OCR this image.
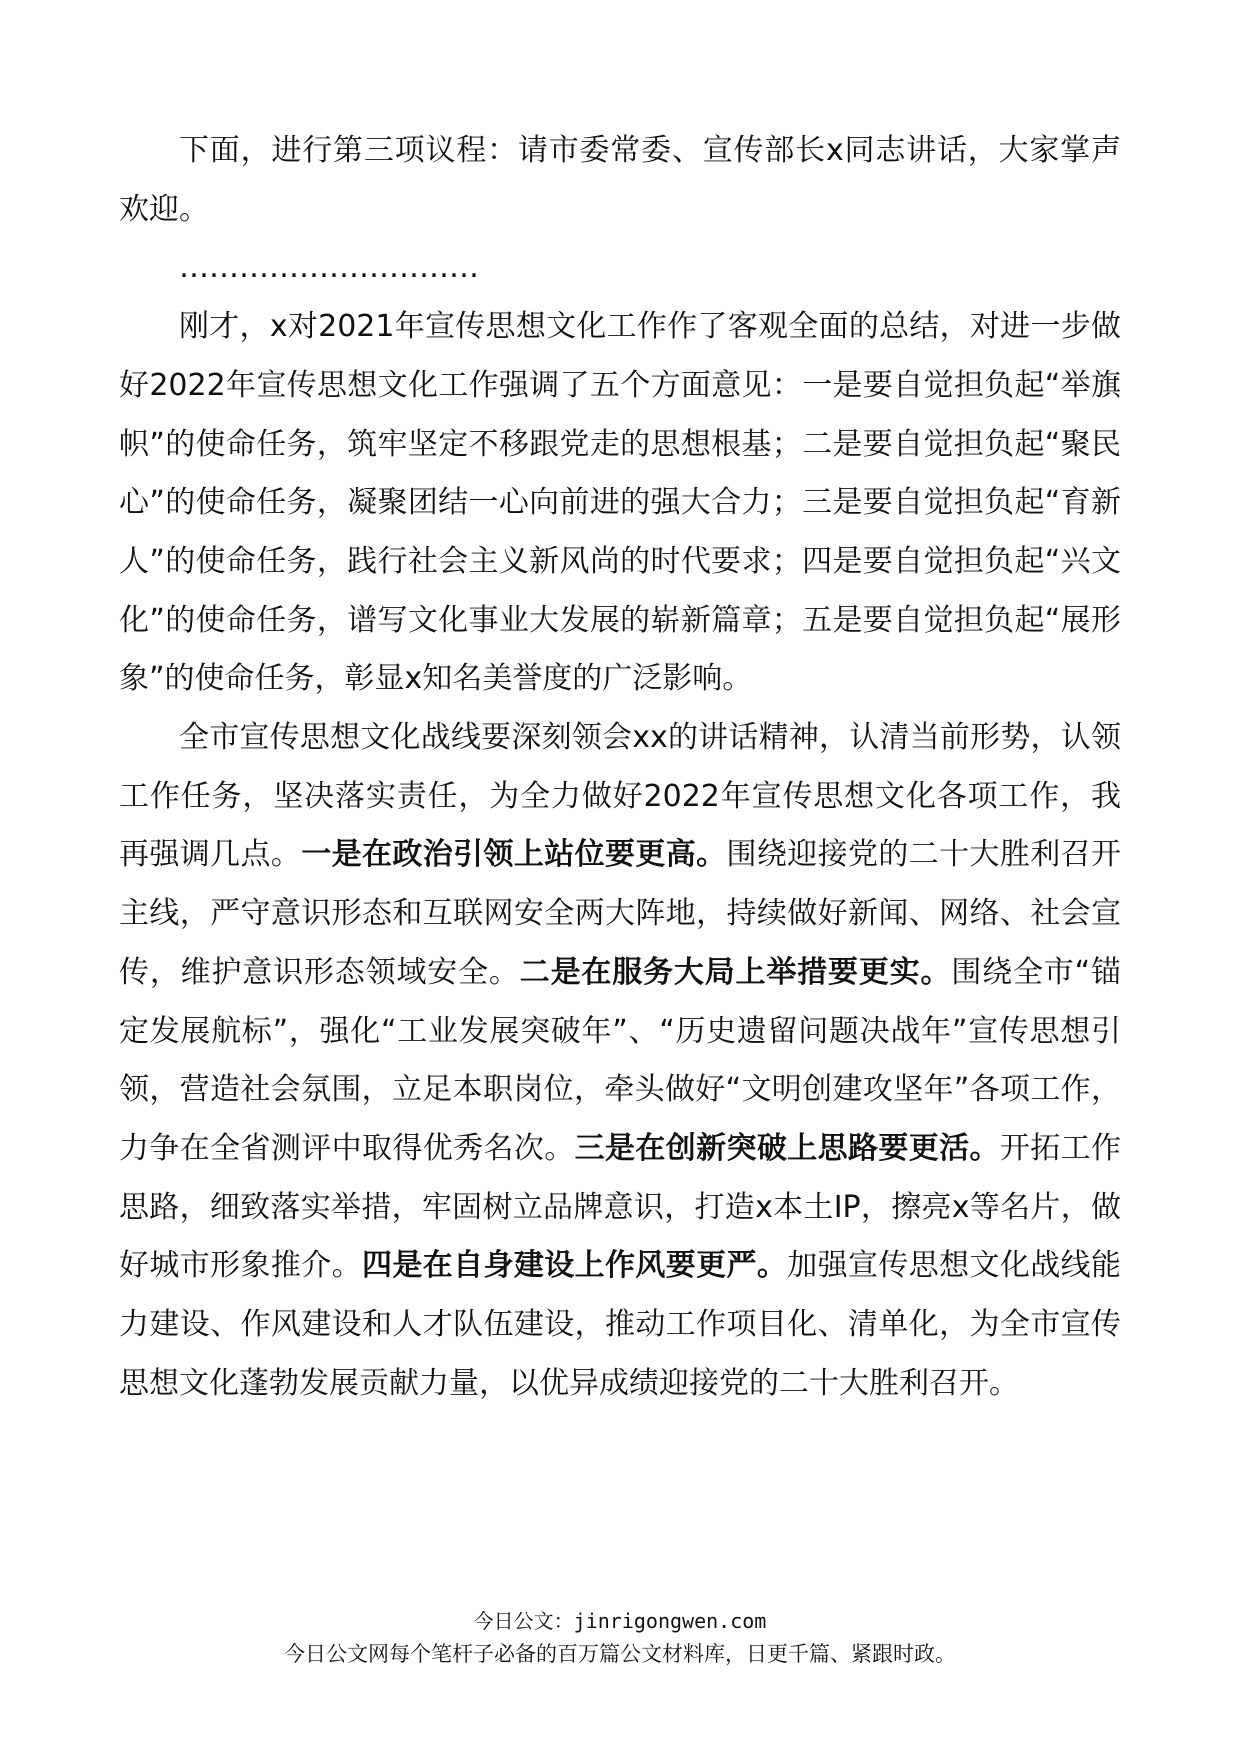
下面，进行第三项议程：请市委常委、宣传部长x同志讲话，大家掌声欢迎。

…………………………

刚才，x对2021年宣传思想文化工作作了客观全面的总结，对进一步做好2022年宣传思想文化工作强调了五个方面意见：一是要自觉担负起“举旗帜”的使命任务，筑牢坚定不移跟党走的思想根基；二是要自觉担负起“聚民心”的使命任务，凝聚团结一心向前进的强大合力；三是要自觉担负起“育新人”的使命任务，践行社会主义新风尚的时代要求；四是要自觉担负起“兴文化”的使命任务，谱写文化事业大发展的崭新篇章；五是要自觉担负起“展形象”的使命任务，彰显x知名美誉度的广泛影响。

全市宣传思想文化战线要深刻领会xx的讲话精神，认清当前形势，认领工作任务，坚决落实责任，为全力做好2022年宣传思想文化各项工作，我再强调几点。一是在政治引领上站位要更高。围绕迎接党的二十大胜利召开主线，严守意识形态和互联网安全两大阵地，持续做好新闻、网络、社会宣传，维护意识形态领域安全。二是在服务大局上举措要更实。围绕全市“锚定发展航标”，强化“工业发展突破年”、“历史遗留问题决战年”宣传思想引领，营造社会氛围，立足本职岗位，牵头做好“文明创建攻坚年”各项工作，力争在全省测评中取得优秀名次。三是在创新突破上思路要更活。开拓工作思路，细致落实举措，牢固树立品牌意识，打造x本土IP，擦亮x等名片，做好城市形象推介。四是在自身建设上作风要更严。加强宣传思想文化战线能力建设、作风建设和人才队伍建设，推动工作项目化、清单化，为全市宣传思想文化蓬勃发展贡献力量，以优异成绩迎接党的二十大胜利召开。

今日公文：jinrigongwen.com
今日公文网每个笔杆子必备的百万篇公文材料库，日更千篇、紧跟时政。
